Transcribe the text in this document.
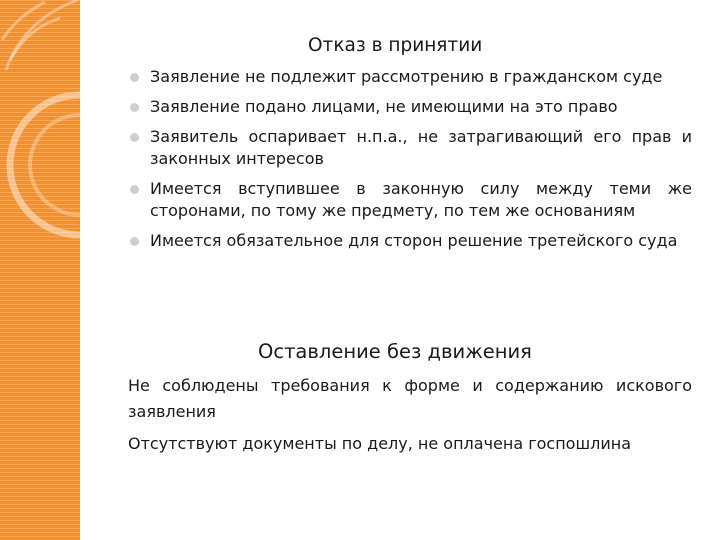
Отказ в принятии
Заявление не подлежит рассмотрению в гражданском суде
Заявление подано лицами, не имеющими на это право
Заявитель оспаривает н.п.а., не затрагивающий его прав и законных интересов
Имеется вступившее в законную силу между теми же сторонами, по тому же предмету, по тем же основаниям
Имеется обязательное для сторон решение третейского суда
Оставление без движения

Не соблюдены требования к форме и содержанию искового заявления

Отсутствуют документы по делу, не оплачена госпошлина
